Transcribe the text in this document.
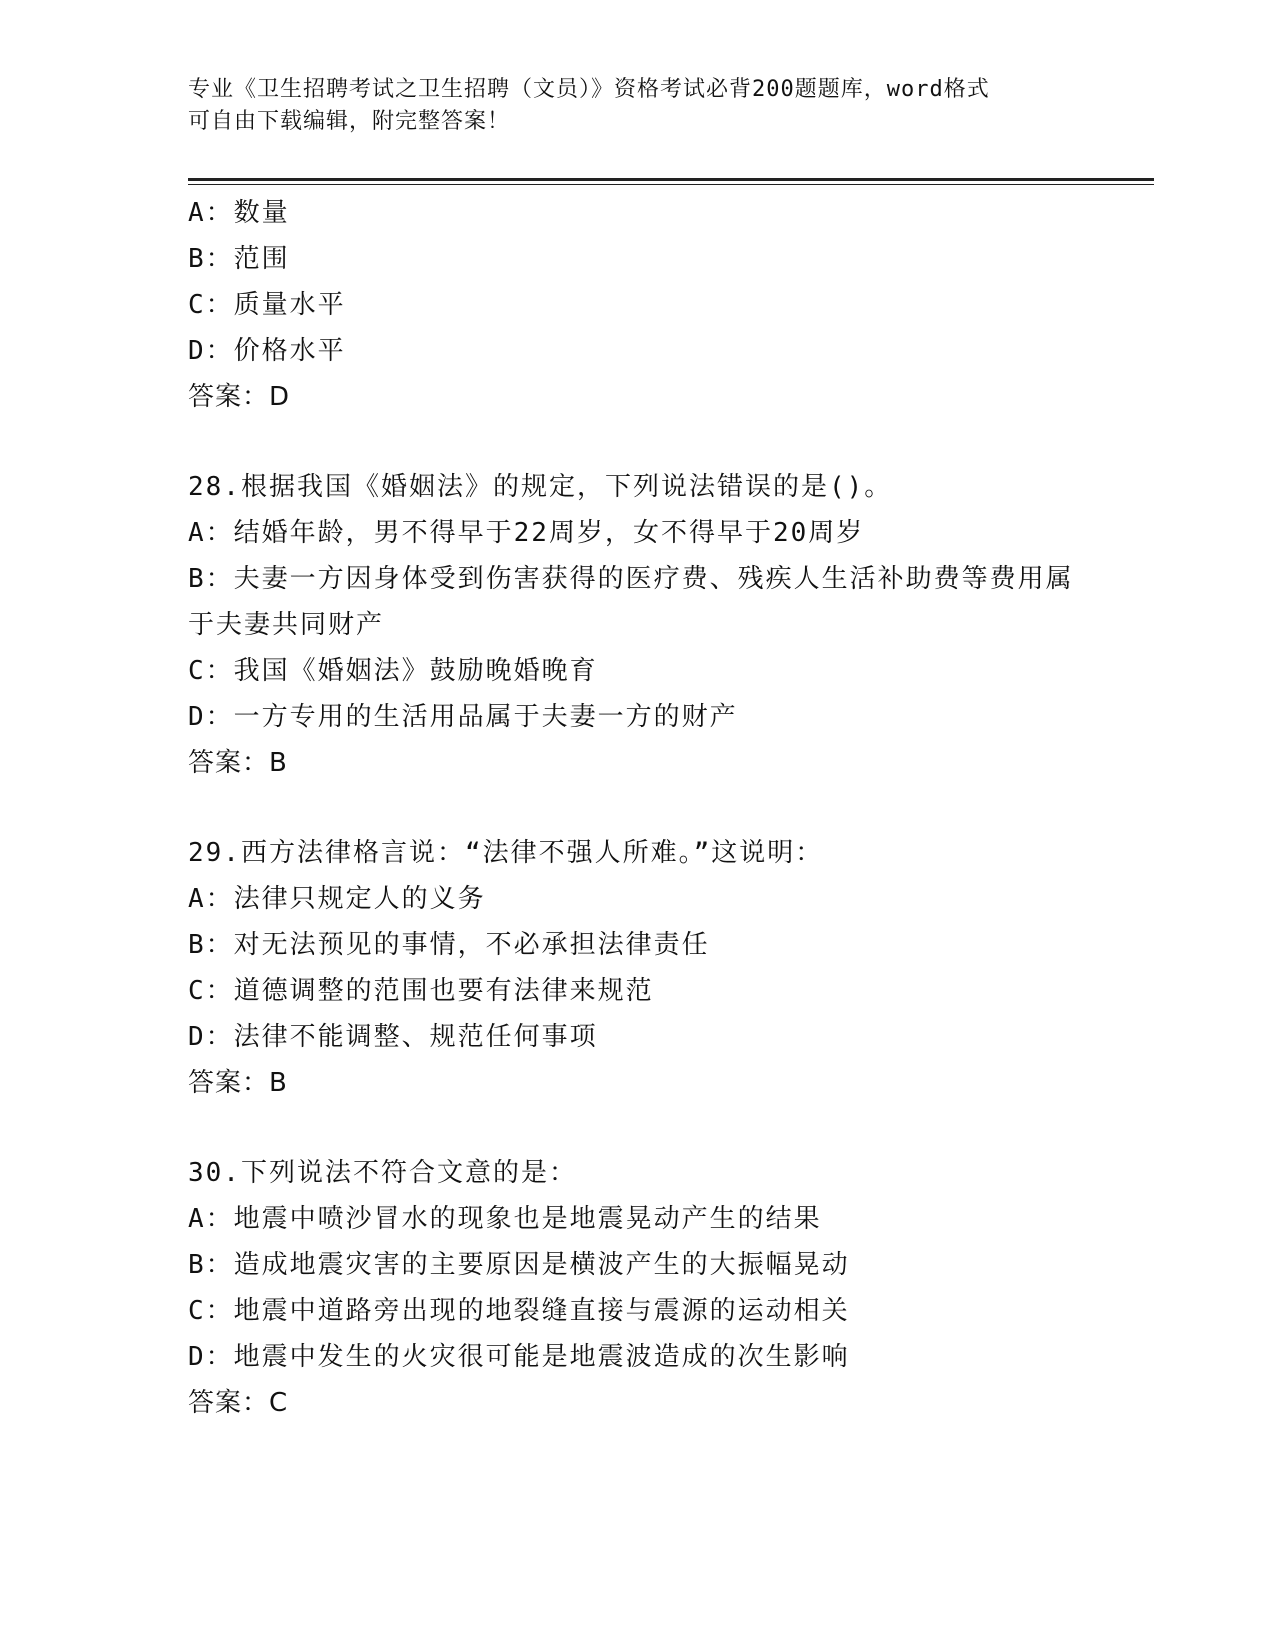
专业《卫生招聘考试之卫生招聘（文员）》资格考试必背200题题库，word格式
可自由下载编辑，附完整答案！
A：数量
B：范围
C：质量水平
D：价格水平
答案：D
28.根据我国《婚姻法》的规定，下列说法错误的是()。
A：结婚年龄，男不得早于22周岁，女不得早于20周岁
B：夫妻一方因身体受到伤害获得的医疗费、残疾人生活补助费等费用属于夫妻共同财产
C：我国《婚姻法》鼓励晚婚晚育
D：一方专用的生活用品属于夫妻一方的财产
答案：B
29.西方法律格言说：“法律不强人所难。”这说明：
A：法律只规定人的义务
B：对无法预见的事情，不必承担法律责任
C：道德调整的范围也要有法律来规范
D：法律不能调整、规范任何事项
答案：B
30.下列说法不符合文意的是：
A：地震中喷沙冒水的现象也是地震晃动产生的结果
B：造成地震灾害的主要原因是横波产生的大振幅晃动
C：地震中道路旁出现的地裂缝直接与震源的运动相关
D：地震中发生的火灾很可能是地震波造成的次生影响
答案：C
